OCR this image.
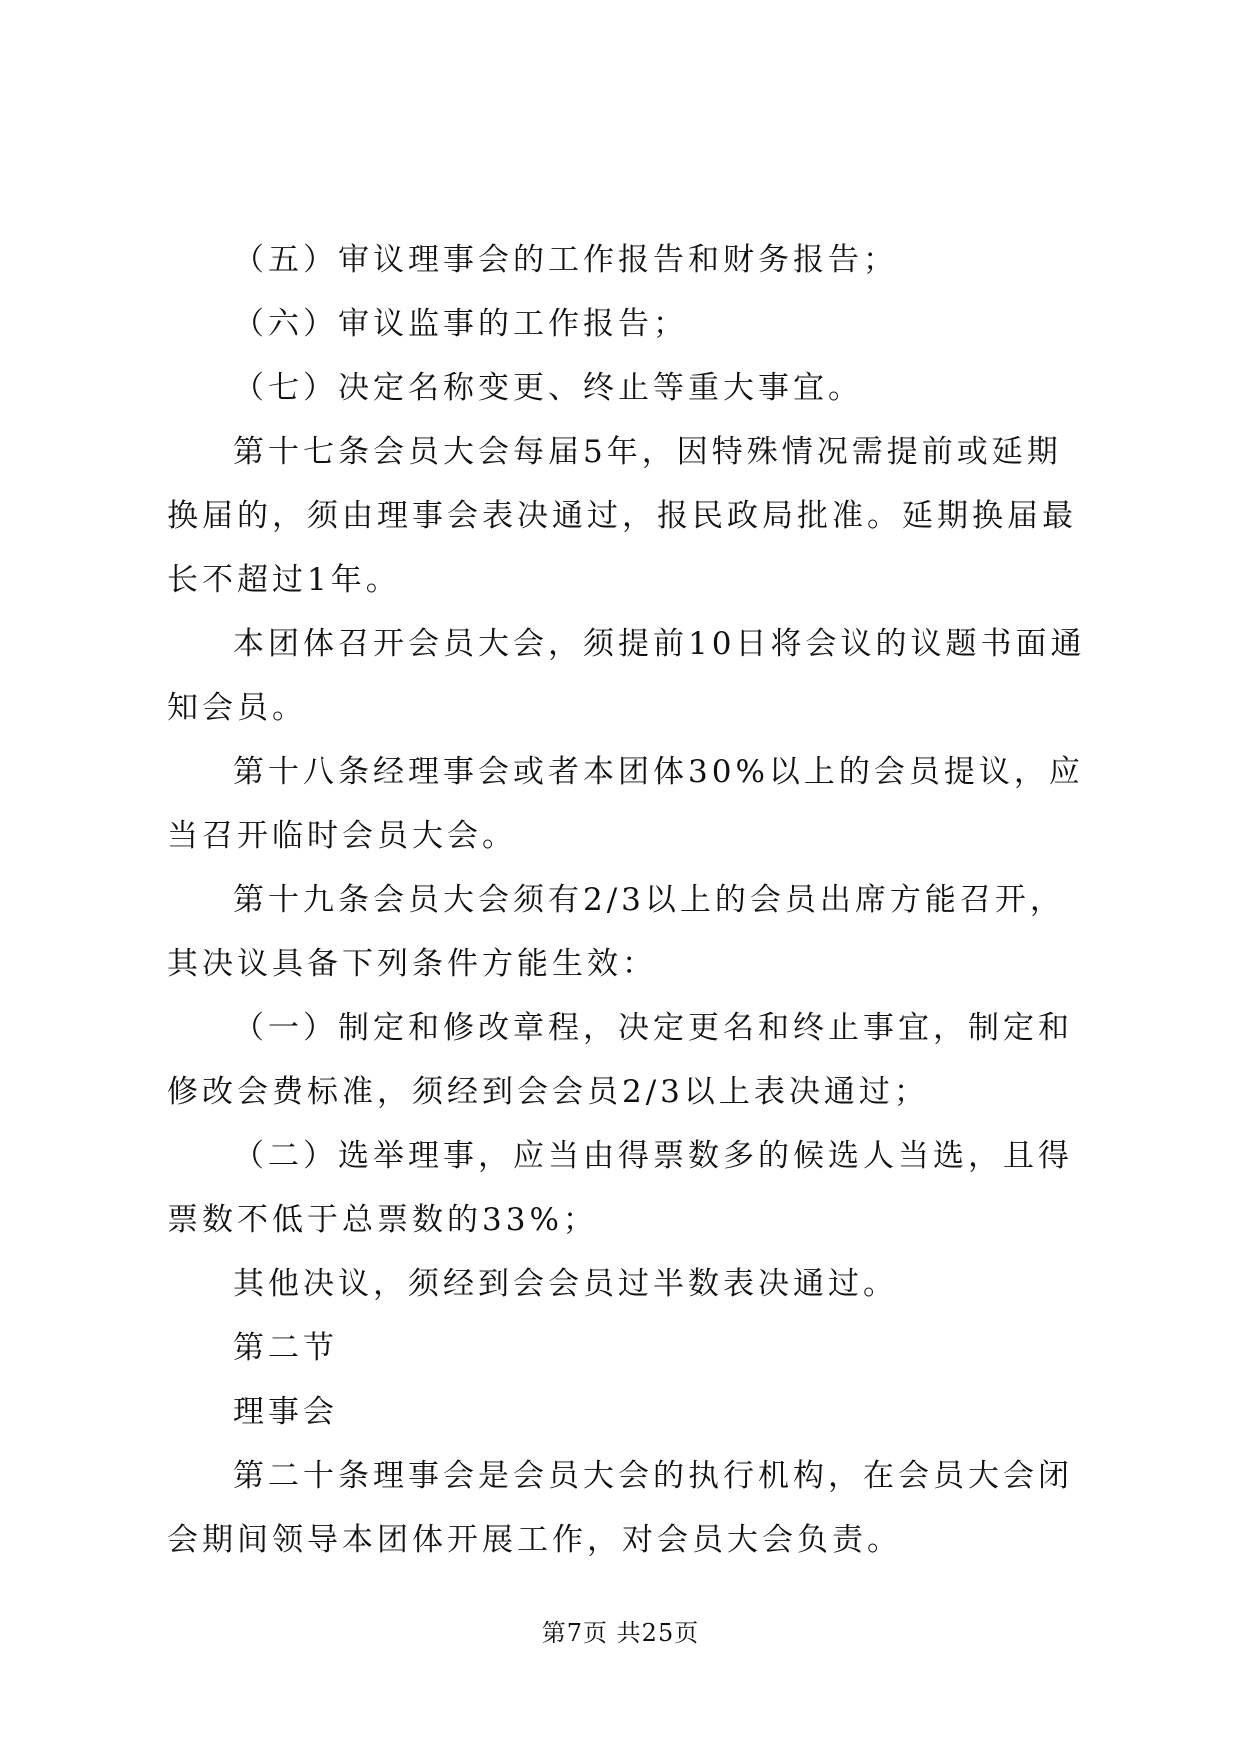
（五）审议理事会的工作报告和财务报告；

（六）审议监事的工作报告；

（七）决定名称变更、终止等重大事宜。

第十七条会员大会每届5年，因特殊情况需提前或延期换届的，须由理事会表决通过，报民政局批准。延期换届最长不超过1年。

本团体召开会员大会，须提前10日将会议的议题书面通知会员。

第十八条经理事会或者本团体30%以上的会员提议，应当召开临时会员大会。

第十九条会员大会须有2/3以上的会员出席方能召开，其决议具备下列条件方能生效：

（一）制定和修改章程，决定更名和终止事宜，制定和修改会费标准，须经到会会员2/3以上表决通过；

（二）选举理事，应当由得票数多的候选人当选，且得票数不低于总票数的33%；

其他决议，须经到会会员过半数表决通过。

第二节

理事会

第二十条理事会是会员大会的执行机构，在会员大会闭会期间领导本团体开展工作，对会员大会负责。

第7页 共25页
